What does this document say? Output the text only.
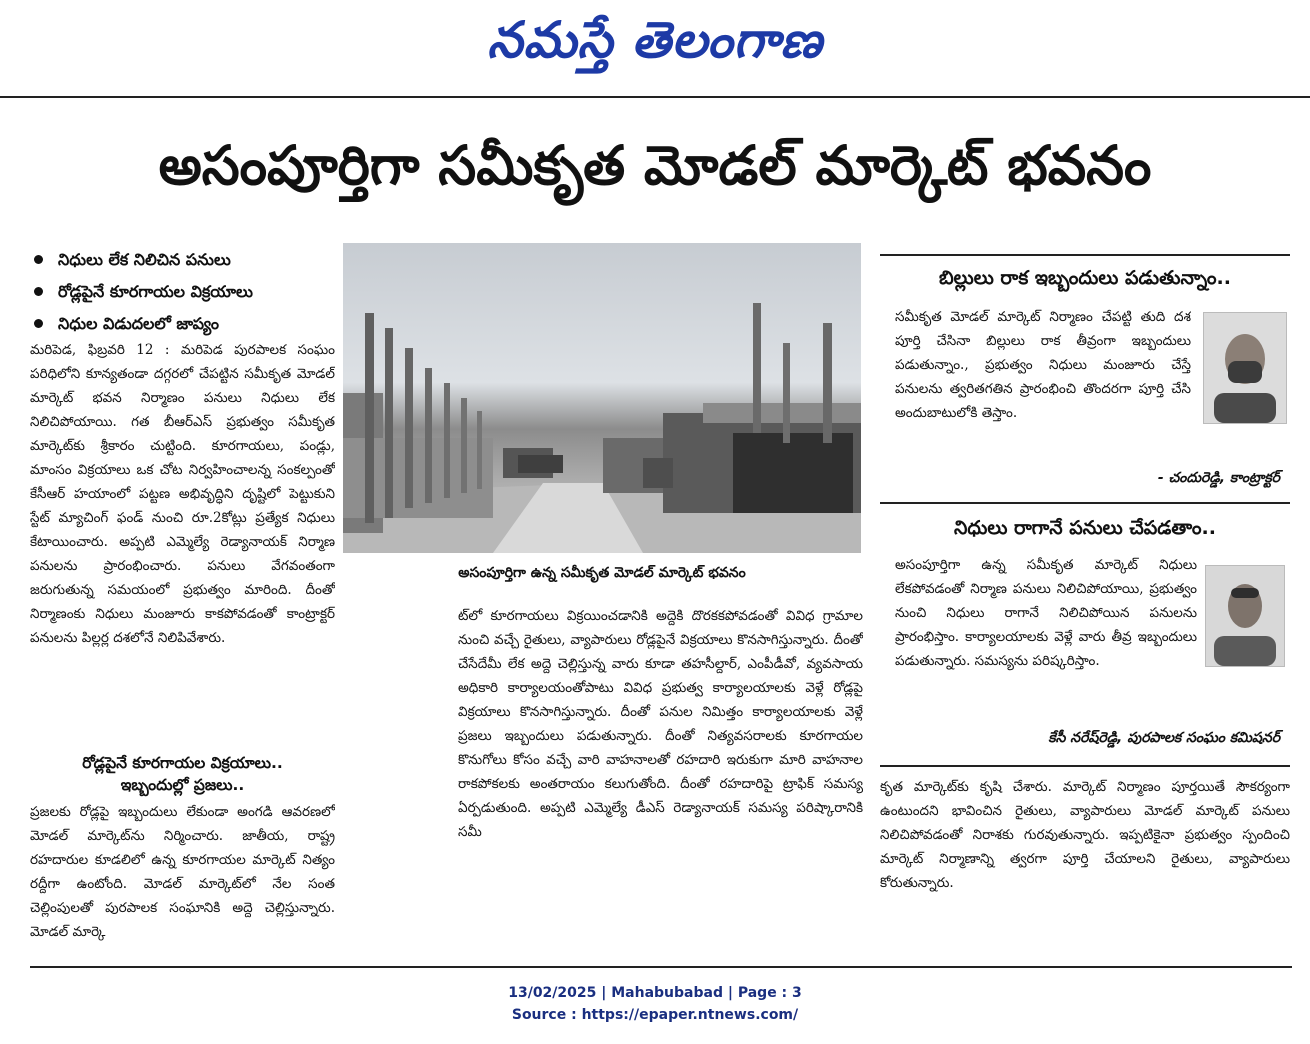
నమస్తే తెలంగాణ
అసంపూర్తిగా సమీకృత మోడల్ మార్కెట్ భవనం
నిధులు లేక నిలిచిన పనులు
రోడ్లపైనే కూరగాయల విక్రయాలు
నిధుల విడుదలలో జాప్యం

మరిపెడ, ఫిబ్రవరి 12 : మరిపెడ పురపాలక సంఘం పరిధిలోని కూన్యతండా దగ్గరలో చేపట్టిన సమీకృత మోడల్ మార్కెట్ భవన నిర్మాణం పనులు నిధులు లేక నిలిచిపోయాయి. గత బీఆర్ఎస్ ప్రభుత్వం సమీకృత మార్కెట్‌కు శ్రీకారం చుట్టింది. కూరగాయలు, పండ్లు, మాంసం విక్రయాలు ఒక చోట నిర్వహించాలన్న సంకల్పంతో కేసీఆర్ హయాంలో పట్టణ అభివృద్ధిని దృష్టిలో పెట్టుకుని స్టేట్ మ్యాచింగ్ ఫండ్ నుంచి రూ.2కోట్లు ప్రత్యేక నిధులు కేటాయించారు. అప్పటి ఎమ్మెల్యే రెడ్యానాయక్ నిర్మాణ పనులను ప్రారంభించారు. పనులు వేగవంతంగా జరుగుతున్న సమయంలో ప్రభుత్వం మారింది. దీంతో నిర్మాణంకు నిధులు మంజూరు కాకపోవడంతో కాంట్రాక్టర్ పనులను పిల్లర్ల దశలోనే నిలిపివేశారు.

రోడ్లపైనే కూరగాయల విక్రయాలు..
ఇబ్బందుల్లో ప్రజలు..

ప్రజలకు రోడ్లపై ఇబ్బందులు లేకుండా అంగడి ఆవరణలో మోడల్ మార్కెట్‌ను నిర్మించారు. జాతీయ, రాష్ట్ర రహదారుల కూడలిలో ఉన్న కూరగాయల మార్కెట్ నిత్యం రద్దీగా ఉంటోంది. మోడల్ మార్కెట్‌లో నేల సంత చెల్లింపులతో పురపాలక సంఘానికి అద్దె చెల్లిస్తున్నారు. మోడల్ మార్కె

అసంపూర్తిగా ఉన్న సమీకృత మోడల్ మార్కెట్ భవనం

ట్‌లో కూరగాయలు విక్రయించడానికి అద్దెకి దొరకకపోవడంతో వివిధ గ్రామాల నుంచి వచ్చే రైతులు, వ్యాపారులు రోడ్లపైనే విక్రయాలు కొనసాగిస్తున్నారు. దీంతో చేసేదేమీ లేక అద్దె చెల్లిస్తున్న వారు కూడా తహసీల్దార్, ఎంపీడీవో, వ్యవసాయ అధికారి కార్యాలయంతోపాటు వివిధ ప్రభుత్వ కార్యాలయాలకు వెళ్లే రోడ్లపై విక్రయాలు కొనసాగిస్తున్నారు. దీంతో పనుల నిమిత్తం కార్యాలయాలకు వెళ్లే ప్రజలు ఇబ్బందులు పడుతున్నారు. దీంతో నిత్యవసరాలకు కూరగాయల కొనుగోలు కోసం వచ్చే వారి వాహనాలతో రహదారి ఇరుకుగా మారి వాహనాల రాకపోకలకు అంతరాయం కలుగుతోంది. దీంతో రహదారిపై ట్రాఫిక్ సమస్య ఏర్పడుతుంది. అప్పటి ఎమ్మెల్యే డీఎస్ రెడ్యానాయక్ సమస్య పరిష్కారానికి సమీ

బిల్లులు రాక ఇబ్బందులు పడుతున్నాం..

సమీకృత మోడల్ మార్కెట్ నిర్మాణం చేపట్టి తుది దశ పూర్తి చేసినా బిల్లులు రాక తీవ్రంగా ఇబ్బందులు పడుతున్నాం., ప్రభుత్వం నిధులు మంజూరు చేస్తే పనులను త్వరితగతిన ప్రారంభించి తొందరగా పూర్తి చేసి అందుబాటులోకి తెస్తాం.

- చందురెడ్డి, కాంట్రాక్టర్
నిధులు రాగానే పనులు చేపడతాం..

అసంపూర్తిగా ఉన్న సమీకృత మార్కెట్ నిధులు లేకపోవడంతో నిర్మాణ పనులు నిలిచిపోయాయి, ప్రభుత్వం నుంచి నిధులు రాగానే నిలిచిపోయిన పనులను ప్రారంభిస్తాం. కార్యాలయాలకు వెళ్లే వారు తీవ్ర ఇబ్బందులు పడుతున్నారు. సమస్యను పరిష్కరిస్తాం.

కేసీ నరేష్‌రెడ్డి, పురపాలక సంఘం కమిషనర్

కృత మార్కెట్‌కు కృషి చేశారు. మార్కెట్ నిర్మాణం పూర్తయితే సౌకర్యంగా ఉంటుందని భావించిన రైతులు, వ్యాపారులు మోడల్ మార్కెట్ పనులు నిలిచిపోవడంతో నిరాశకు గురవుతున్నారు. ఇప్పటికైనా ప్రభుత్వం స్పందించి మార్కెట్ నిర్మాణాన్ని త్వరగా పూర్తి చేయాలని రైతులు, వ్యాపారులు కోరుతున్నారు.

13/02/2025 | Mahabubabad | Page : 3
Source : https://epaper.ntnews.com/
